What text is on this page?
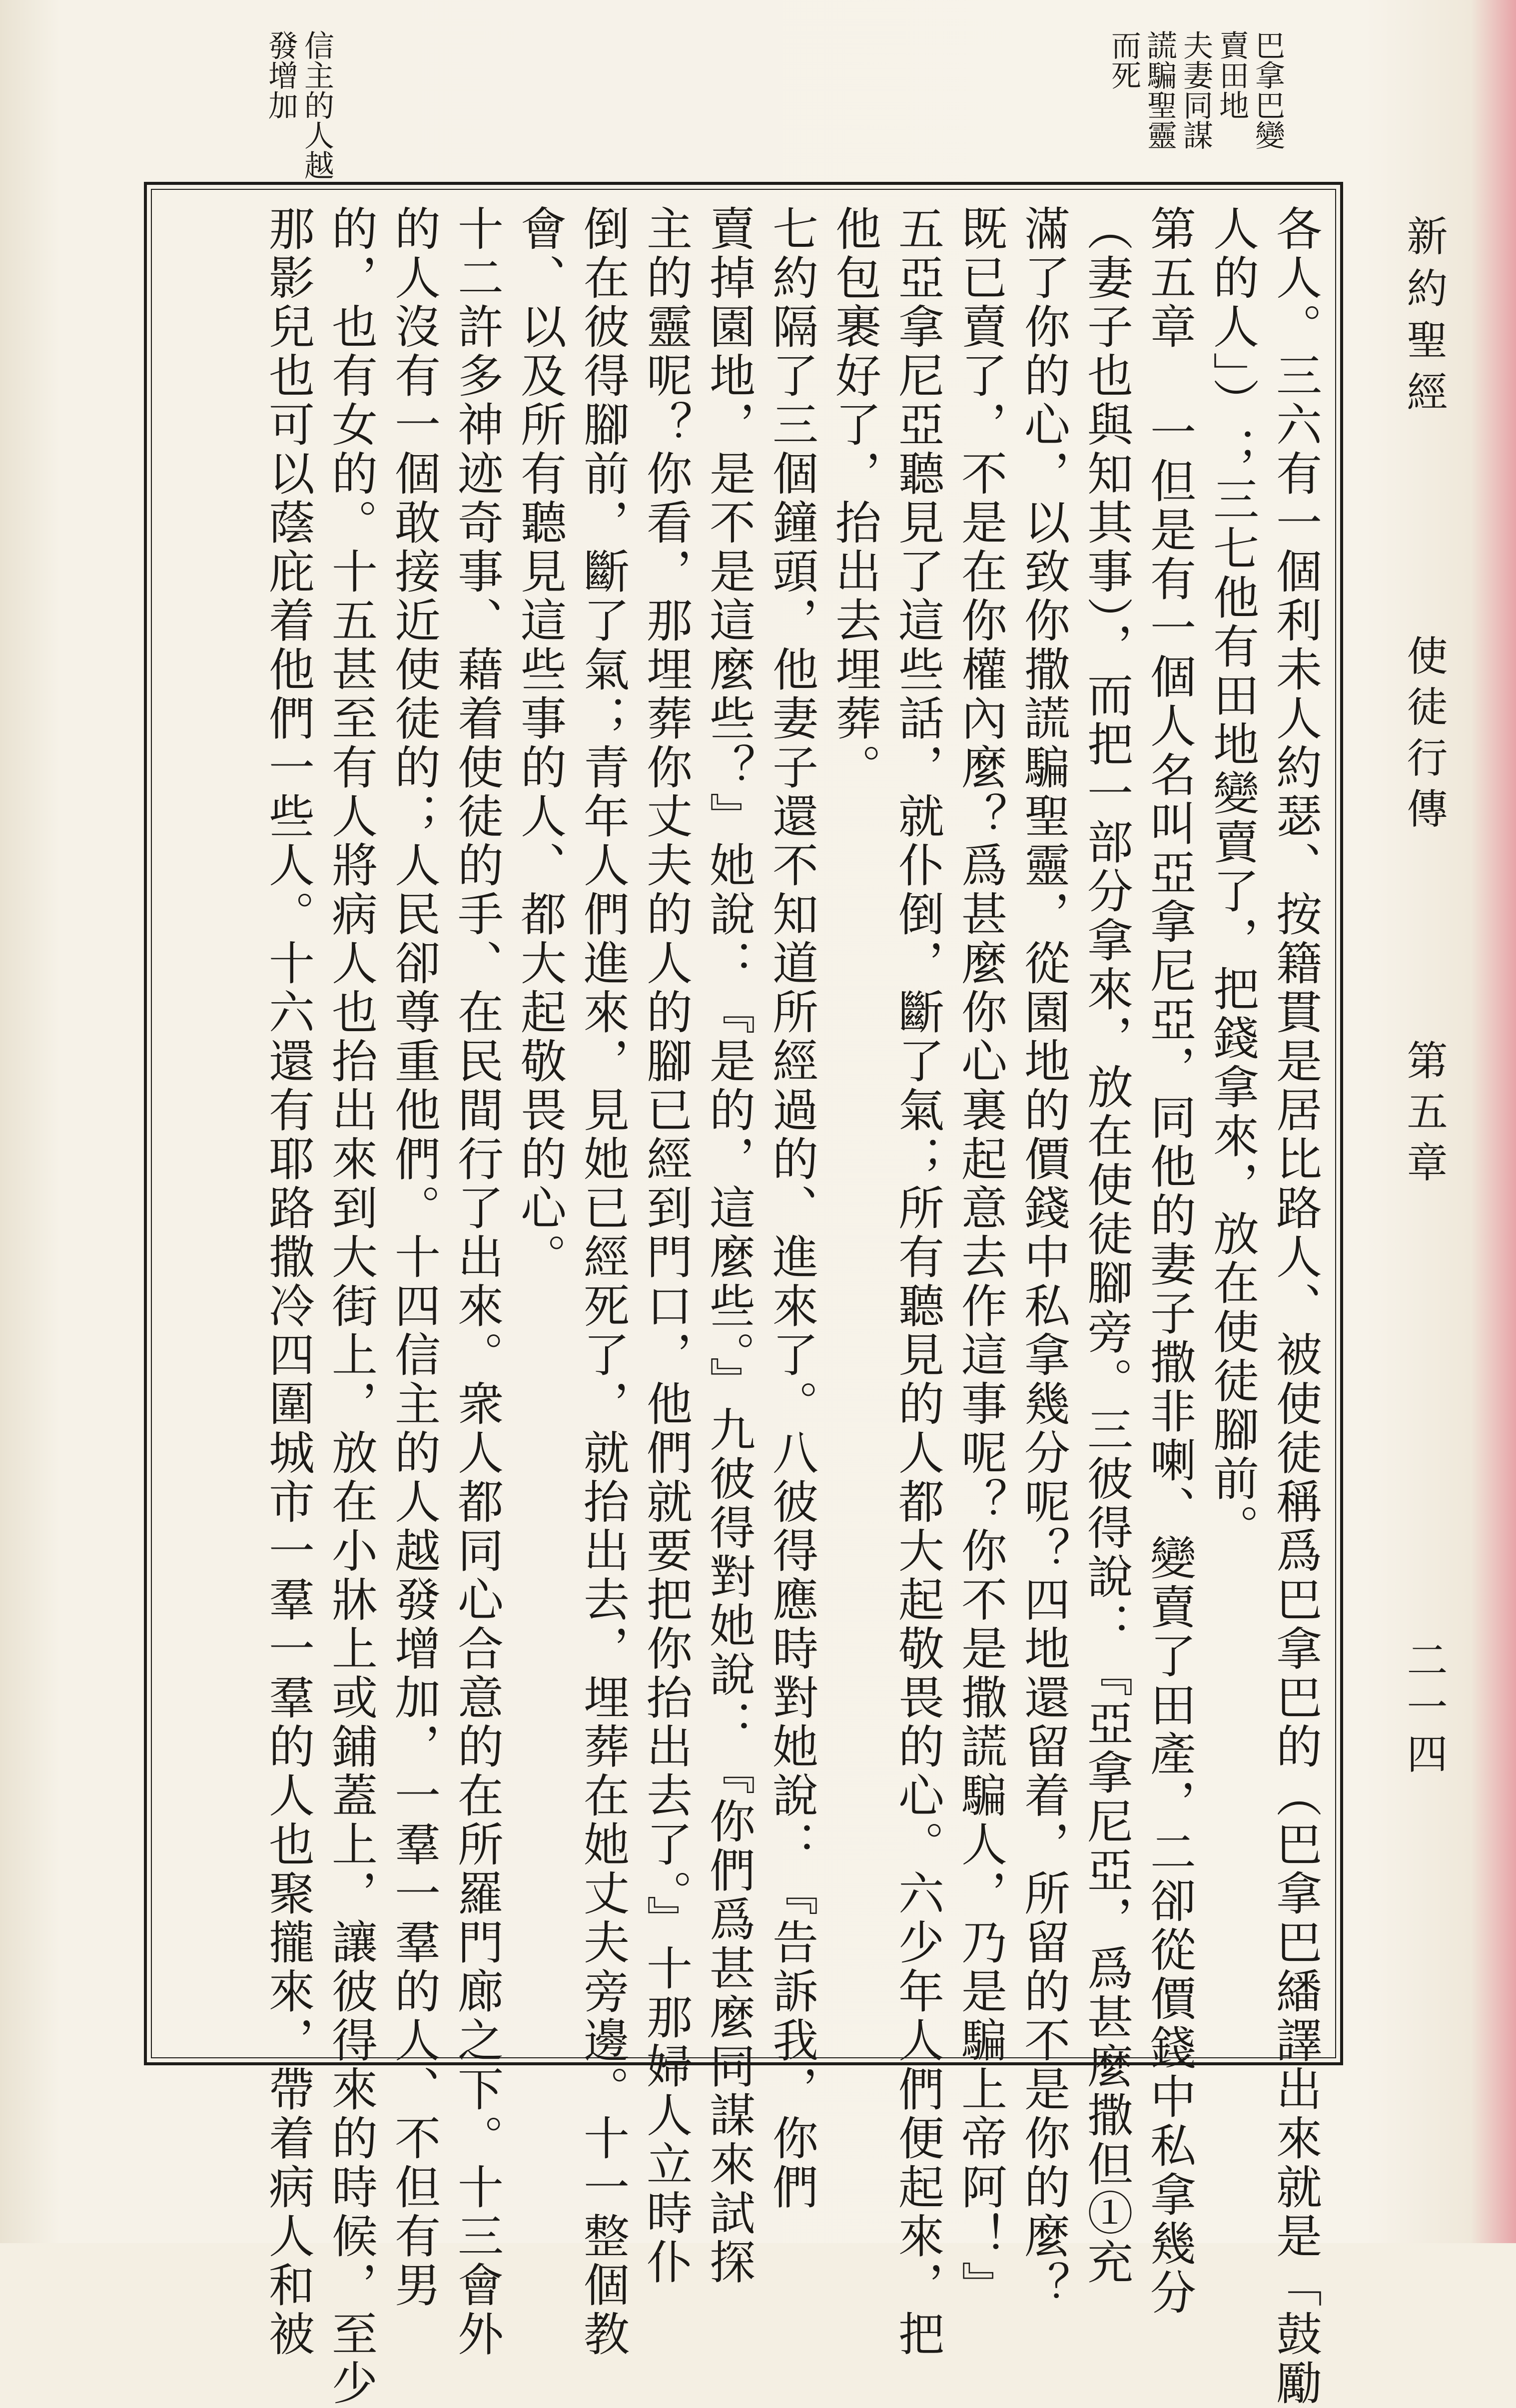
巴拿巴變
賣田地
夫妻同謀
謊騙聖靈
而死
信主的人越
發增加
新約聖經
使徒行傳
第五章
二一四
各人。三六有一個利未人約瑟、按籍貫是居比路人、被使徒稱爲巴拿巴的（巴拿巴繙譯出來就是「鼓勵
人的人」）；三七他有田地變賣了，把錢拿來，放在使徒腳前。
第五章 一但是有一個人名叫亞拿尼亞，同他的妻子撒非喇、變賣了田產，二卻從價錢中私拿幾分
（妻子也與知其事），而把一部分拿來，放在使徒腳旁。三彼得說：『亞拿尼亞，爲甚麼撒但①充
滿了你的心，以致你撒謊騙聖靈，從園地的價錢中私拿幾分呢？四地還留着，所留的不是你的麼？
既已賣了，不是在你權內麼？爲甚麼你心裏起意去作這事呢？你不是撒謊騙人，乃是騙上帝阿！』
五亞拿尼亞聽見了這些話，就仆倒，斷了氣；所有聽見的人都大起敬畏的心。六少年人們便起來，把
他包裹好了，抬出去埋葬。
七約隔了三個鐘頭，他妻子還不知道所經過的、進來了。八彼得應時對她說：『告訴我，你們
賣掉園地，是不是這麼些？』她說：『是的，這麼些。』九彼得對她說：『你們爲甚麼同謀來試探
主的靈呢？你看，那埋葬你丈夫的人的腳已經到門口，他們就要把你抬出去了。』十那婦人立時仆
倒在彼得腳前，斷了氣；青年人們進來，見她已經死了，就抬出去，埋葬在她丈夫旁邊。十一整個教
會、以及所有聽見這些事的人、都大起敬畏的心。
十二許多神迹奇事、藉着使徒的手、在民間行了出來。衆人都同心合意的在所羅門廊之下。十三會外
的人沒有一個敢接近使徒的；人民卻尊重他們。十四信主的人越發增加，一羣一羣的人、不但有男
的，也有女的。十五甚至有人將病人也抬出來到大街上，放在小牀上或鋪蓋上，讓彼得來的時候，至少
那影兒也可以蔭庇着他們一些人。十六還有耶路撒冷四圍城市一羣一羣的人也聚攏來，帶着病人和被
